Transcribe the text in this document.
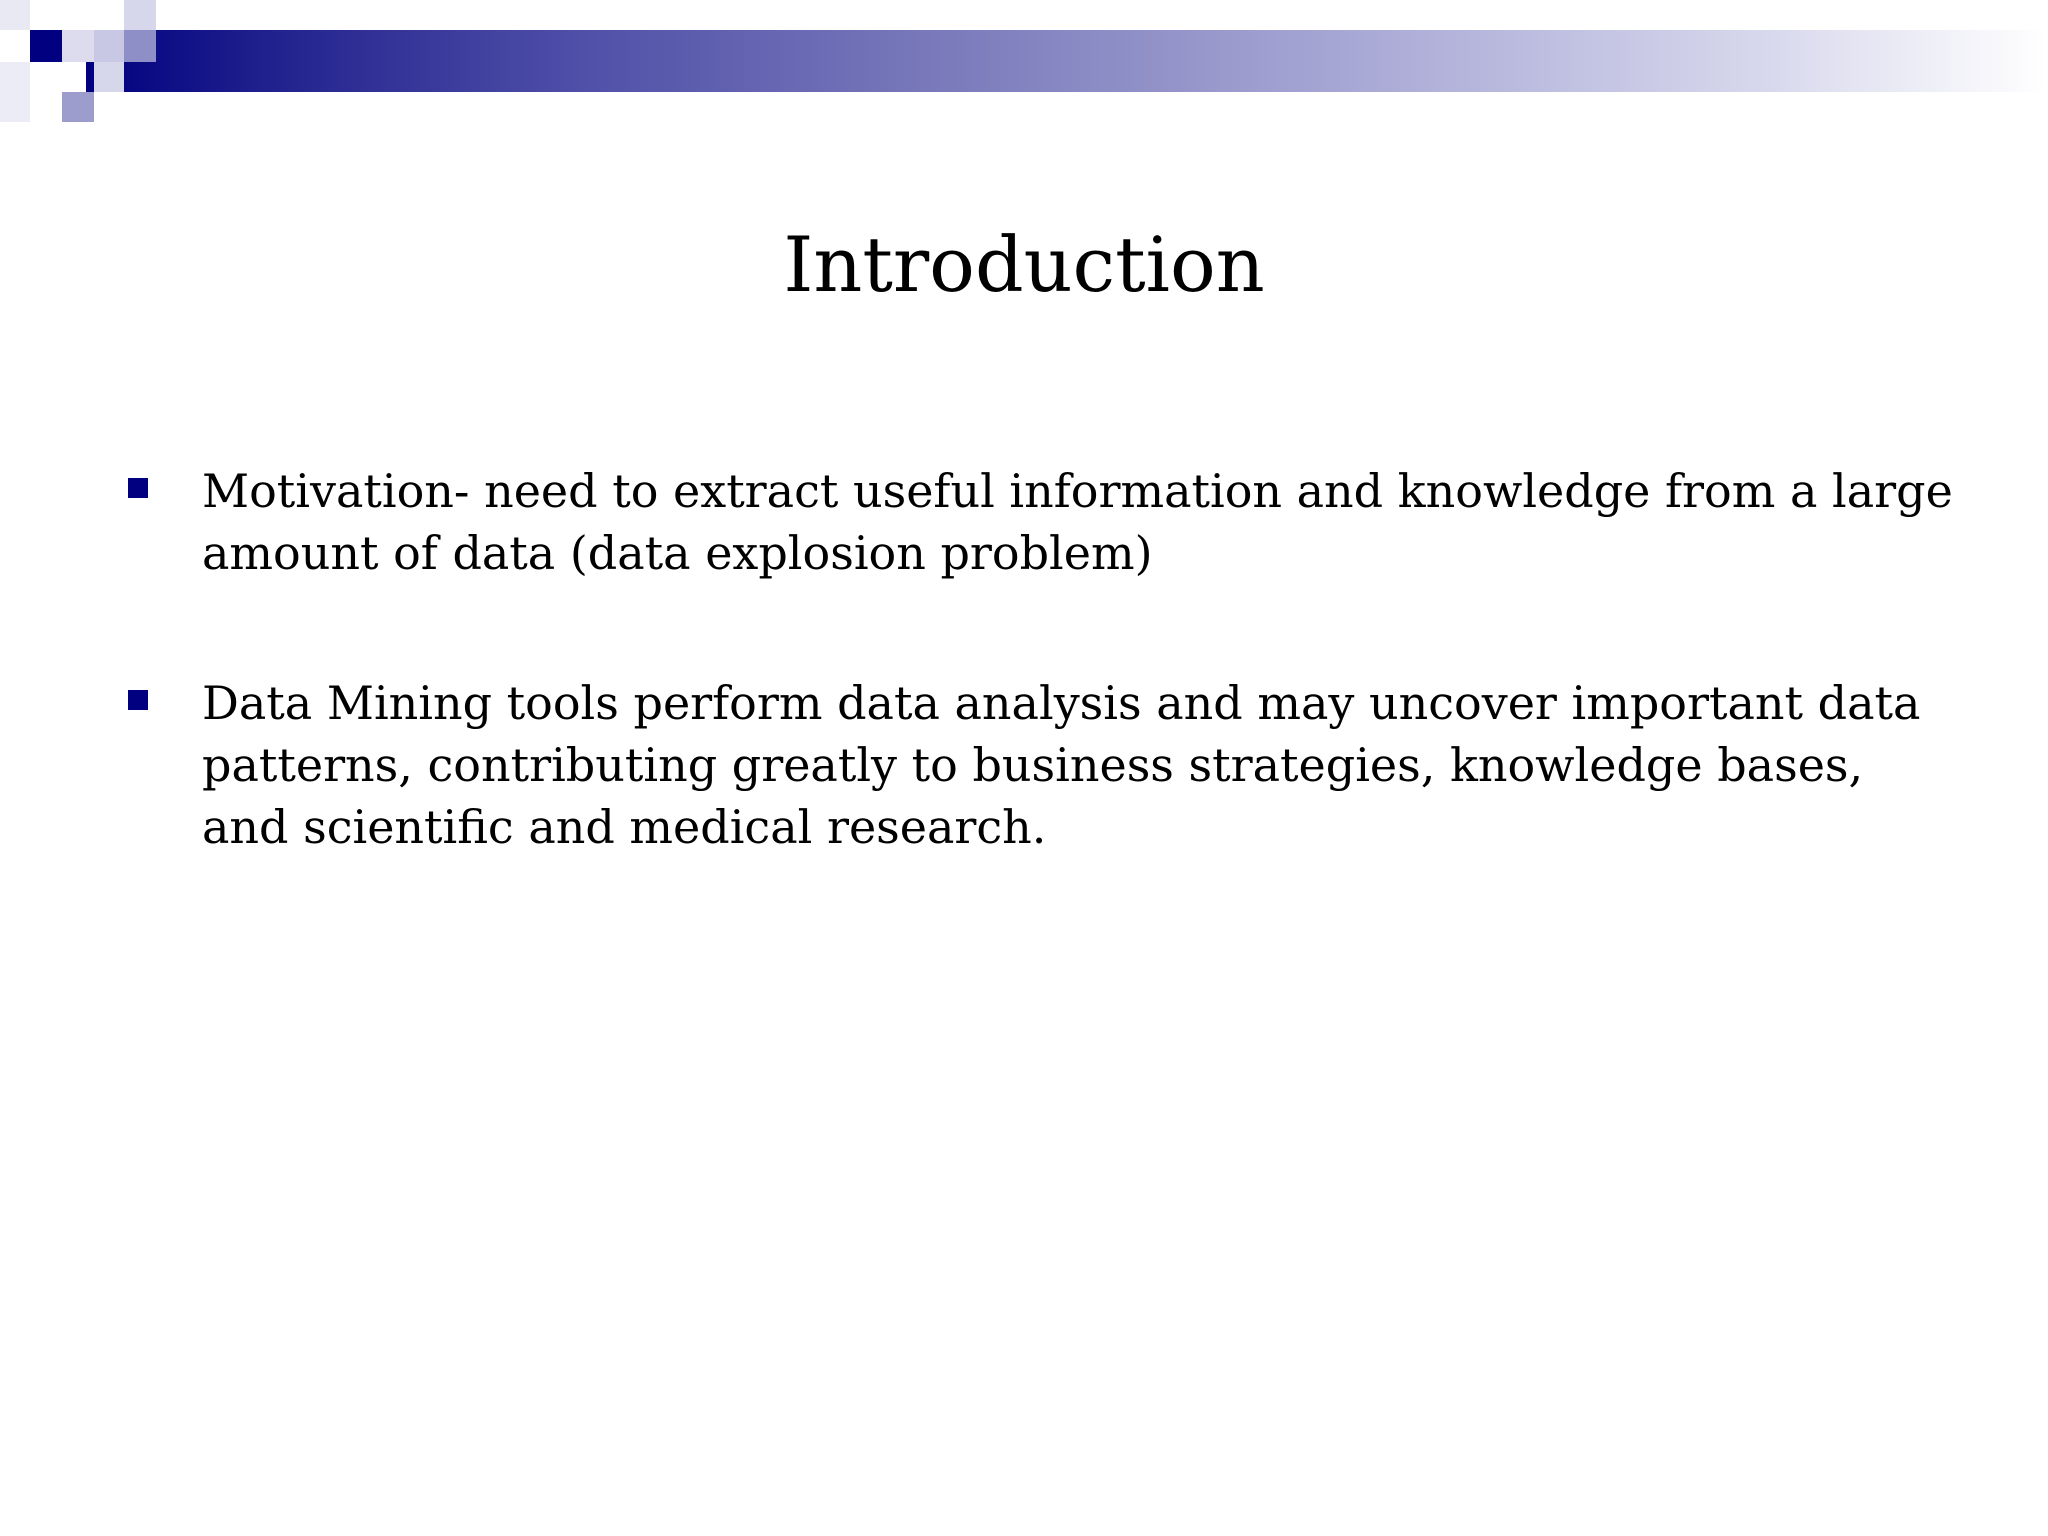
Introduction
Motivation- need to extract useful information and knowledge from a large amount of data (data explosion problem)
Data Mining tools perform data analysis and may uncover important data patterns, contributing greatly to business strategies, knowledge bases, and scientific and medical research.
